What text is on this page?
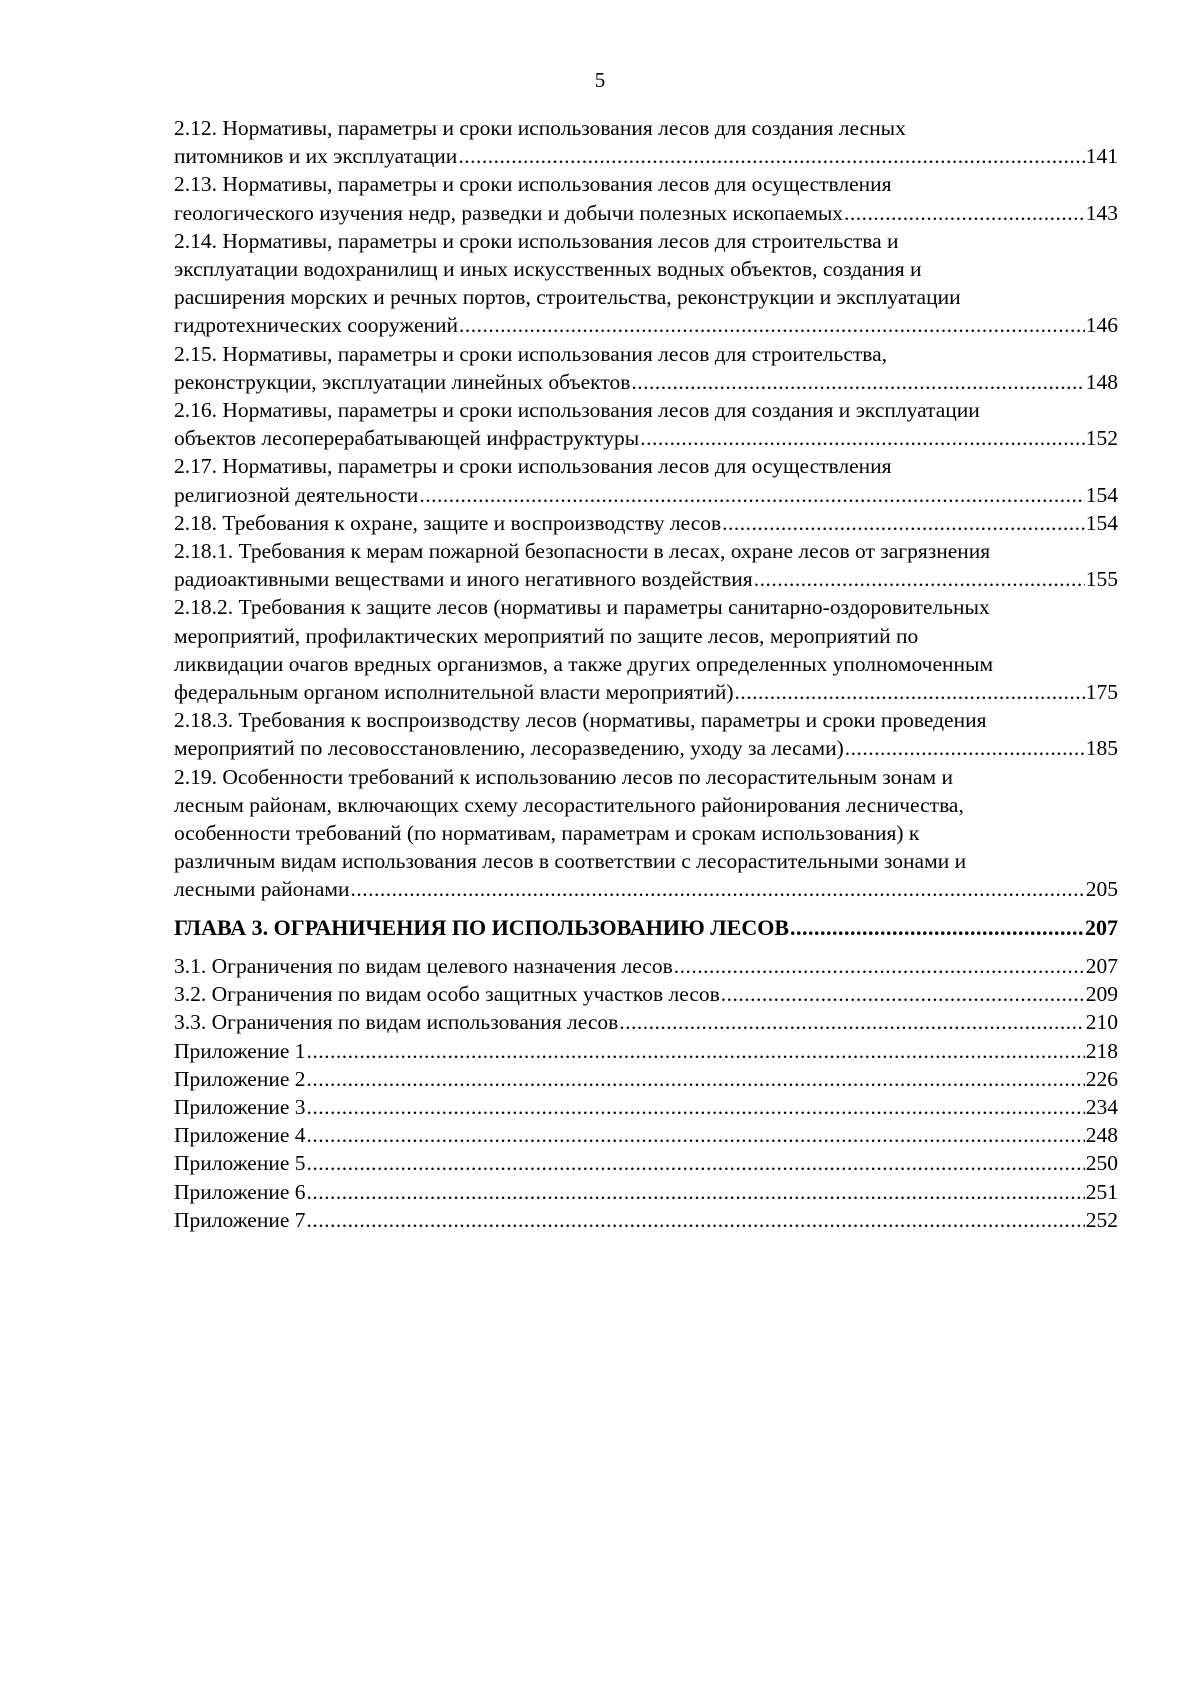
5
2.12. Нормативы, параметры и сроки использования лесов для создания лесных
питомников и их эксплуатации .....	141
2.13. Нормативы, параметры и сроки использования лесов для осуществления
геологического изучения недр, разведки и добычи полезных ископаемых .....	143
2.14. Нормативы, параметры и сроки использования лесов для строительства и
эксплуатации водохранилищ и иных искусственных водных объектов, создания и
расширения морских и речных портов, строительства, реконструкции и эксплуатации
гидротехнических сооружений .....	146
2.15. Нормативы, параметры и сроки использования лесов для строительства,
реконструкции, эксплуатации линейных объектов .....	148
2.16. Нормативы, параметры и сроки использования лесов для создания и эксплуатации
объектов лесоперерабатывающей инфраструктуры .....	152
2.17. Нормативы, параметры и сроки использования лесов для осуществления
религиозной деятельности .....	154
2.18. Требования к охране, защите и воспроизводству лесов .....	154
2.18.1. Требования к мерам пожарной безопасности в лесах, охране лесов от загрязнения
радиоактивными веществами и иного негативного воздействия .....	155
2.18.2. Требования к защите лесов (нормативы и параметры санитарно-оздоровительных
мероприятий, профилактических мероприятий по защите лесов, мероприятий по
ликвидации очагов вредных организмов, а также других определенных уполномоченным
федеральным органом исполнительной власти мероприятий) .....	175
2.18.3. Требования к воспроизводству лесов (нормативы, параметры и сроки проведения
мероприятий по лесовосстановлению, лесоразведению, уходу за лесами) .....	185
2.19. Особенности требований к использованию лесов по лесорастительным зонам и
лесным районам, включающих схему лесорастительного районирования лесничества,
особенности требований (по нормативам, параметрам и срокам использования) к
различным видам использования лесов в соответствии с лесорастительными зонами и
лесными районами .....	205
ГЛАВА 3. ОГРАНИЧЕНИЯ ПО ИСПОЛЬЗОВАНИЮ ЛЕСОВ .....	207
3.1. Ограничения по видам целевого назначения лесов .....	207
3.2. Ограничения по видам особо защитных участков лесов .....	209
3.3. Ограничения по видам использования лесов .....	210
Приложение 1 .....	218
Приложение 2 .....	226
Приложение 3 .....	234
Приложение 4 .....	248
Приложение 5 .....	250
Приложение 6 .....	251
Приложение 7 .....	252
